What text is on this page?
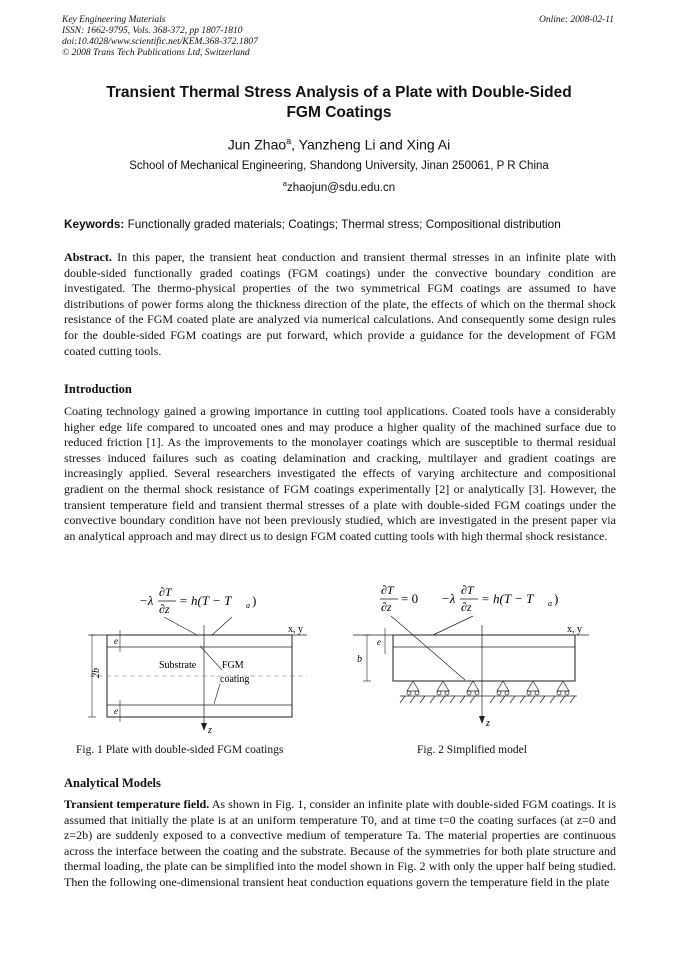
Key Engineering Materials
ISSN: 1662-9795, Vols. 368-372, pp 1807-1810
doi:10.4028/www.scientific.net/KEM.368-372.1807
© 2008 Trans Tech Publications Ltd, Switzerland
Online: 2008-02-11
Transient Thermal Stress Analysis of a Plate with Double-Sided
FGM Coatings
Jun Zhao$^a$, Yanzheng Li and Xing Ai
School of Mechanical Engineering, Shandong University, Jinan 250061, P R China
$^a$zhaojun@sdu.edu.cn
Keywords: Functionally graded materials; Coatings; Thermal stress; Compositional distribution
Abstract. In this paper, the transient heat conduction and transient thermal stresses in an infinite plate with double-sided functionally graded coatings (FGM coatings) under the convective boundary condition are investigated. The thermo-physical properties of the two symmetrical FGM coatings are assumed to have distributions of power forms along the thickness direction of the plate, the effects of which on the thermal shock resistance of the FGM coated plate are analyzed via numerical calculations. And consequently some design rules for the double-sided FGM coatings are put forward, which provide a guidance for the development of FGM coated cutting tools.
Introduction
Coating technology gained a growing importance in cutting tool applications. Coated tools have a considerably higher edge life compared to uncoated ones and may produce a higher quality of the machined surface due to reduced friction [1]. As the improvements to the monolayer coatings which are susceptible to thermal residual stresses induced failures such as coating delamination and cracking, multilayer and gradient coatings are increasingly applied. Several researchers investigated the effects of varying architecture and compositional gradient on the thermal shock resistance of FGM coatings experimentally [2] or analytically [3]. However, the transient temperature field and transient thermal stresses of a plate with double-sided FGM coatings under the convective boundary condition have not been previously studied, which are investigated in the present paper via an analytical approach and may direct us to design FGM coated cutting tools with high thermal shock resistance.
−λ
∂T
∂z
= h(T − T a )
x, y
z
2b
e
e
Substrate	FGM
coating
Fig. 1 Plate with double-sided FGM coatings
∂T
∂z
= 0 −λ
∂T
∂z
= h(T − T a )
x, y
z
b
e
Fig. 2 Simplified model
Analytical Models
Transient temperature field. As shown in Fig. 1, consider an infinite plate with double-sided FGM coatings. It is assumed that initially the plate is at an uniform temperature T0, and at time t=0 the coating surfaces (at z=0 and z=2b) are suddenly exposed to a convective medium of temperature Ta. The material properties are continuous across the interface between the coating and the substrate. Because of the symmetries for both plate structure and thermal loading, the plate can be simplified into the model shown in Fig. 2 with only the upper half being studied. Then the following one-dimensional transient heat conduction equations govern the temperature field in the plate
